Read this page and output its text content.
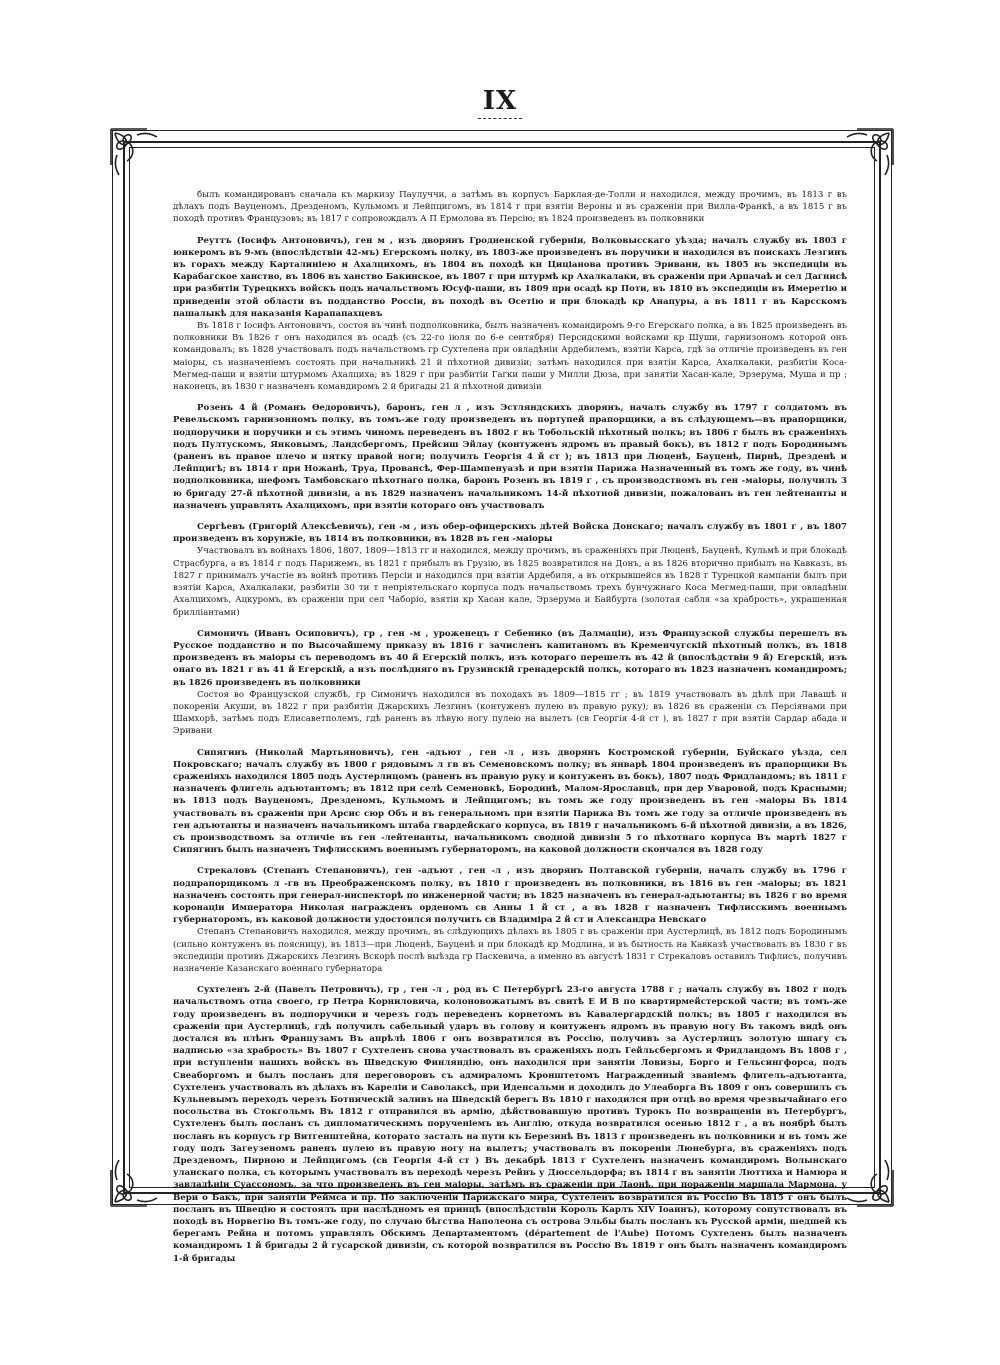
IX

былъ командированъ сначала къ маркизу Паулуччи, а затѣмъ въ корпусъ Барклая-де-Толли и находился, между прочимъ, въ 1813 г въ дѣлахъ подъ Вауценомъ, Дрезденомъ, Кульмомъ и Лейпцигомъ, въ 1814 г при взятіи Вероны и въ сраженіи при Вилла-Франкѣ, а въ 1815 г въ походѣ противъ Французовъ; въ 1817 г сопровождалъ А П Ермолова въ Персію; въ 1824 произведенъ въ полковники

Реуттъ (Іосифъ Антоновичъ), ген м , изъ дворянъ Гродненской губерніи, Волковысскаго уѣзда; началъ службу въ 1803 г юнкеромъ въ 9-мъ (впослѣдствіи 42-мъ) Егерскомъ полку, въ 1803-же произведенъ въ поручики и находился въ поискахъ Лезгинъ въ горахъ между Карталиніею и Ахалцихомъ, въ 1804 въ походѣ кн Циціанова противъ Эривани, въ 1805 въ экспедиціи въ Карабагское ханство, въ 1806 въ ханство Бакинское, въ 1807 г при штурмѣ кр Ахалкалаки, въ сраженіи при Арпачаѣ и сел Дагнисѣ при разбитіи Турецкихъ войскъ подъ начальствомъ Юсуф-паши, въ 1809 при осадѣ кр Поти, въ 1810 въ экспедиціи въ Имеретію и приведеніи этой области въ подданство Россіи, въ походѣ въ Осетію и при блокадѣ кр Анапуры, а въ 1811 г въ Карсскомъ пашалыкѣ для наказанія Карапапахцевъ

Въ 1818 г Іосифъ Антоновичъ, состоя въ чинѣ подполковника, былъ назначенъ командиромъ 9-го Егерскаго полка, а въ 1825 произведенъ въ полковники Въ 1826 г онъ находился въ осадѣ (съ 22-го іюля по 6-е сентября) Персидскими войсками кр Шуши, гарнизономъ которой онъ командовалъ; въ 1828 участвовалъ подъ начальствомъ гр Сухтелена при овладѣніи Ардебилемъ, взятіи Карса, гдѣ за отличіе произведенъ въ ген маіоры, съ назначеніемъ состоять при начальникѣ 21 й пѣхотной дивизіи; затѣмъ находился при взятіи Карса, Ахалкалаки, разбитіи Коса-Мегмед-паши и взятіи штурмомъ Ахалциха; въ 1829 г при разбитіи Гагки паши у Милли Дюза, при занятіи Хасан-кале, Эрзерума, Муша и пр ; наконецъ, въ 1830 г назначенъ командиромъ 2 й бригады 21 й пѣхотной дивизіи

Розенъ 4 й (Романъ Ѳедоровичъ), баронъ, ген л , изъ Эстляндскихъ дворянъ, началъ службу въ 1797 г солдатомъ въ Ревельскомъ гарнизонномъ полку, въ томъ-же году произведенъ въ портупей прапорщики, а въ слѣдующемъ—въ прапорщики, подпоручики и поручики и съ этимъ чиномъ переведенъ въ 1802 г въ Тобольскій пѣхотный полкъ; въ 1806 г былъ въ сраженіяхъ подъ Пултускомъ, Янковымъ, Ландсбергомъ, Прейсиш Эйлау (контуженъ ядромъ въ правый бокъ), въ 1812 г подъ Бородинымъ (раненъ въ правое плечо и пятку правой ноги; получилъ Георгія 4 й ст ); въ 1813 при Люценѣ, Бауценѣ, Пирнѣ, Дрезденѣ и Лейпцигѣ; въ 1814 г при Ножанѣ, Труа, Провансѣ, Фер-Шампенуазѣ и при взятіи Парижа Назначенный въ томъ же году, въ чинѣ подполковника, шефомъ Тамбовскаго пѣхотнаго полка, баронъ Розенъ въ 1819 г , съ производствомъ въ ген -маіоры, получилъ 3 ю бригаду 27-й пѣхотной дивизіи, а въ 1829 назначенъ начальникомъ 14-й пѣхотной дивизіи, пожалованъ въ ген лейтенанты и назначенъ управлять Ахалцихомъ, при взятіи котораго онъ участвовалъ

Сергѣевъ (Григорій Алексѣевичъ), ген -м , изъ обер-офицерскихъ дѣтей Войска Донскаго; началъ службу въ 1801 г , въ 1807 произведенъ въ хорунжіе, въ 1814 въ полковники, въ 1828 въ ген -маіоры

Участвовалъ въ войнахъ 1806, 1807, 1809—1813 гг и находился, между прочимъ, въ сраженіяхъ при Люценѣ, Бауценѣ, Кульмѣ и при блокадѣ Страсбурга, а въ 1814 г подъ Парижемъ, въ 1821 г прибылъ въ Грузію, въ 1825 возвратился на Донъ, а въ 1826 вторично прибылъ на Кавказъ, въ 1827 г принималъ участіе въ войнѣ противъ Персіи и находился при взятіи Ардебиля, а въ открывшейся въ 1828 г Турецкой кампаніи былъ при взятіи Карса, Ахалкалаки, разбитіи 30 ти т непріятельскаго корпуса подъ начальствомъ трехъ бунчужнаго Коса Мегмед-паши, при овладѣніи Ахалцихомъ, Ацкуромъ, въ сраженіи при сел Чаборіо, взятіи кр Хасан кале, Эрзерума и Байбурта (золотая сабля «за храбрость», украшенная брилліантами)

Симоничъ (Иванъ Осиповичъ), гр , ген -м , уроженецъ г Себенико (въ Далмаціи), изъ Французской службы перешелъ въ Русское подданство и по Высочайшему приказу въ 1816 г зачисленъ капитаномъ въ Кременчугскій пѣхотный полкъ, въ 1818 произведенъ въ маіоры съ переводомъ въ 40 й Егерскій полкъ, изъ котораго перешелъ въ 42 й (впослѣдствіи 9 й) Егерскій, изъ онаго въ 1821 г въ 41 й Егерскій, а изъ послѣдняго въ Грузинскій гренадерскій полкъ, котораго въ 1823 назначенъ командиромъ; въ 1826 произведенъ въ полковники

Состоя во Французской службѣ, гр Симоничъ находился въ походахъ въ 1809—1815 гг ; въ 1819 участвовалъ въ дѣлѣ при Лавашѣ и покореніи Акуши, въ 1822 г при разбитіи Джарскихъ Лезгинъ (контуженъ пулею въ правую руку); въ 1826 въ сраженіи съ Персіянами при Шамхорѣ, затѣмъ подъ Елисаветполемъ, гдѣ раненъ въ лѣвую ногу пулею на вылетъ (св Георгія 4-й ст ), въ 1827 г при взятіи Сардар абада и Эривани

Сипягинъ (Николай Мартьяновичъ), ген -адъют , ген -л , изъ дворянъ Костромской губерніи, Буйскаго уѣзда, сел Покровскаго; началъ службу въ 1800 г рядовымъ л гв въ Семеновскомъ полку; въ январѣ 1804 произведенъ въ прапорщики Въ сраженіяхъ находился 1805 подъ Аустерлицомъ (раненъ въ правую руку и контуженъ въ бокъ), 1807 подъ Фридландомъ; въ 1811 г назначенъ флигель адъютантомъ; въ 1812 при селѣ Семеновкѣ, Бородинѣ, Малом-Ярославцѣ, при дер Уваровой, подъ Красными; въ 1813 подъ Вауценомъ, Дрезденомъ, Кульмомъ и Лейпцигомъ; въ томъ же году произведенъ въ ген -маіоры Въ 1814 участвовалъ въ сраженіи при Арсис сюр Объ и въ генеральномъ при взятіи Парижа Въ томъ же году за отличіе произведенъ въ ген адъютанты и назначенъ начальникомъ штаба гвардейскаго корпуса, въ 1819 г начальникомъ 6-й пѣхотной дивизіи, а въ 1826, съ производствомъ за отличіе въ ген -лейтенанты, начальникомъ сводной дивизіи 5 го пѣхотнаго корпуса Въ мартѣ 1827 г Сипягинъ былъ назначенъ Тифлисскимъ военнымъ губернаторомъ, на каковой должности скончался въ 1828 году

Стрекаловъ (Степанъ Степановичъ), ген -адъют , ген -л , изъ дворянъ Полтавской губерніи, началъ службу въ 1796 г подпрапорщикомъ л -гв въ Преображенскомъ полку, въ 1810 г произведенъ въ полковники, въ 1816 въ ген -маіоры; въ 1821 назначенъ состоять при генерал-инспекторѣ по инженерной части; въ 1825 назначенъ въ генерал-адъютанты; въ 1826 г во время коронаціи Императора Николая награжденъ орденомъ св Анны 1 й ст , а въ 1828 г назначенъ Тифлисскимъ военнымъ губернаторомъ, въ каковой должности удостоился получить св Владиміра 2 й ст и Александра Невскаго

Степанъ Степановичъ находился, между прочимъ, въ слѣдующихъ дѣлахъ въ 1805 г въ сраженіи при Аустерлицѣ, въ 1812 подъ Бородинымъ (сильно контуженъ въ поясницу), въ 1813—при Люценѣ, Бауценѣ и при блокадѣ кр Модлина, и въ бытность на Кавказѣ участвовалъ въ 1830 г въ экспедиціи противъ Джарскихъ Лезгинъ Вскорѣ послѣ выѣзда гр Паскевича, а именно въ августѣ 1831 г Стрекаловъ оставилъ Тифлисъ, получивъ назначеніе Казанскаго военнаго губернатора

Сухтеленъ 2-й (Павелъ Петровичъ), гр , ген -л , род въ С Петербургѣ 23-го августа 1788 г ; началъ службу въ 1802 г подъ начальствомъ отца своего, гр Петра Корниловича, колоновожатымъ въ свитѣ Е И В по квартирмейстерской части; въ томъ-же году произведенъ въ подпоручики и черезъ годъ переведенъ корнетомъ въ Кавалергардскій полкъ; въ 1805 г находился въ сраженіи при Аустерлицѣ, гдѣ получилъ сабельный ударъ въ голову и контуженъ ядромъ въ правую ногу Въ такомъ видѣ онъ достался въ плѣнъ Французамъ Въ апрѣлѣ 1806 г онъ возвратился въ Россію, получивъ за Аустерлицъ золотую шпагу съ надписью «за храбрость» Въ 1807 г Сухтеленъ снова участвовалъ въ сраженіяхъ подъ Гейльсбергомъ и Фридландомъ Въ 1808 г , при вступленіи нашихъ войскъ въ Шведскую Финляндію, онъ находился при занятіи Ловизы, Борго и Гельсингфорса, подъ Свеаборгомъ и былъ посланъ для переговоровъ съ адмираломъ Кронштетомъ Награжденный званіемъ флигель-адъютанта, Сухтеленъ участвовалъ въ дѣлахъ въ Кареліи и Саволаксѣ, при Иденсальми и доходилъ до Улеаборга Въ 1809 г онъ совершилъ съ Кульневымъ переходъ черезъ Ботническій заливъ на Шведскій берегъ Въ 1810 г находился при отцѣ во время чрезвычайнаго его посольства въ Стокгольмъ Въ 1812 г отправился въ армію, дѣйствовавшую противъ Турокъ По возвращеніи въ Петербургъ, Сухтеленъ былъ посланъ съ дипломатическимъ порученіемъ въ Англію, откуда возвратился осенью 1812 г , а въ ноябрѣ былъ посланъ въ корпусъ гр Витгенштейна, которато засталъ на пути къ Березинѣ Въ 1813 г произведенъ въ полковники и въ томъ же году подъ Загеузеномъ раненъ пулею въ правую ногу на вылетъ; участвовалъ въ покореніи Люнебурга, въ сраженіяхъ подъ Дрезденомъ, Пирною и Лейпцигомъ (св Георгія 4-й ст ) Въ декабрѣ 1813 г Сухтеленъ назначенъ командиромъ Волынскаго уланскаго полка, съ которымъ участвовалъ въ переходѣ черезъ Рейнъ у Дюссельдорфа; въ 1814 г въ занятіи Люттиха и Намюра и завладѣніи Суассономъ, за что произведенъ въ ген маіоры, затѣмъ въ сраженіи при Лаонѣ, при пораженіи маршала Мармона, у Вери о Бакъ, при занятіи Реймса и пр. По заключеніи Парижскаго мира, Сухтеленъ возвратился въ Россію Въ 1815 г онъ былъ посланъ въ Швецію и состоялъ при наслѣдномъ ея принцѣ (впослѣдствіи Король Карлъ XIV Іоаннъ), которому сопутствовалъ въ походѣ въ Норвегію Въ томъ-же году, по случаю бѣгства Наполеона съ острова Эльбы былъ посланъ къ Русской арміи, шедшей къ берегамъ Рейна и потомъ управлялъ Обскимъ Департаментомъ (département de l'Aube) Потомъ Сухтеленъ былъ назначенъ командиромъ 1 й бригады 2 й гусарской дивизіи, съ которой возвратился въ Россію Въ 1819 г онъ былъ назначенъ командиромъ 1-й бригады
